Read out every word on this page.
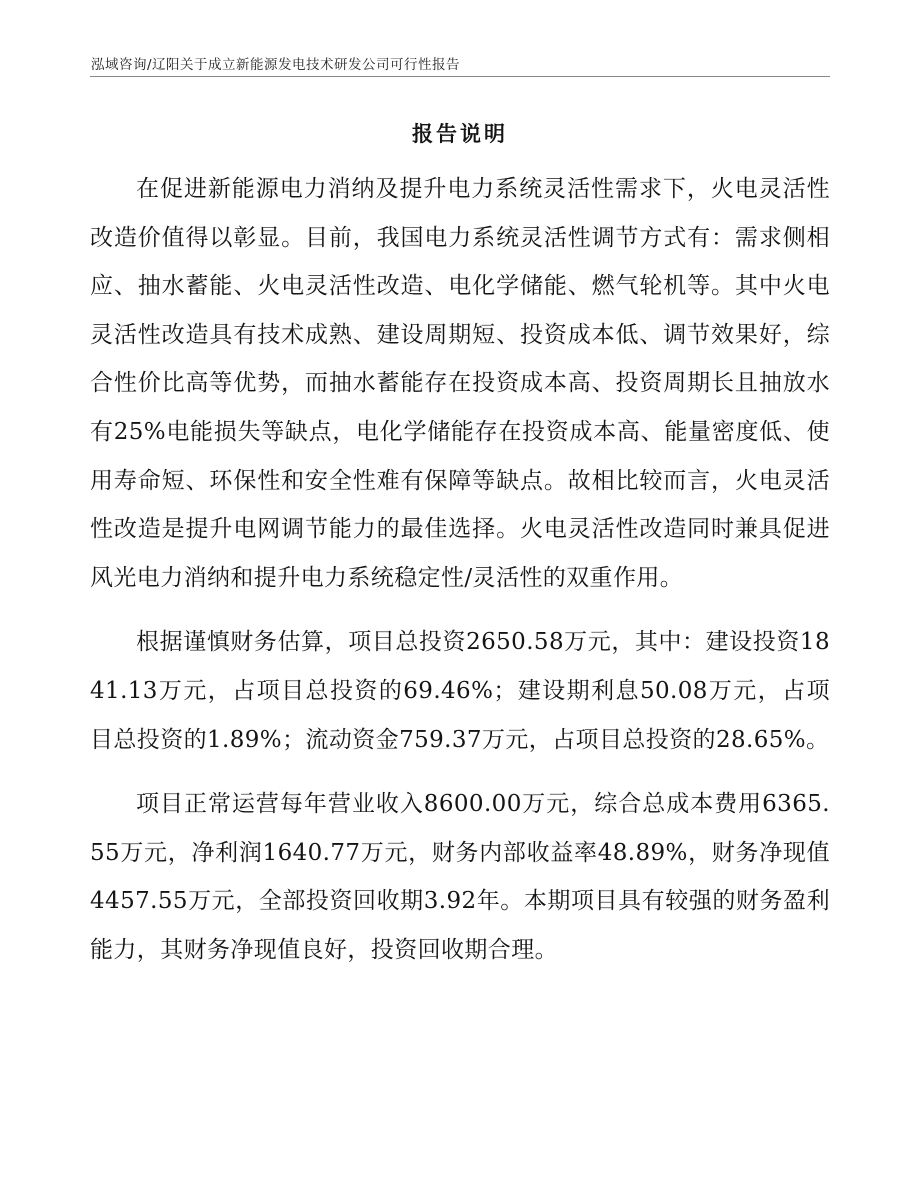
泓域咨询/辽阳关于成立新能源发电技术研发公司可行性报告
报告说明

在促进新能源电力消纳及提升电力系统灵活性需求下，火电灵活性改造价值得以彰显。目前，我国电力系统灵活性调节方式有：需求侧相应、抽水蓄能、火电灵活性改造、电化学储能、燃气轮机等。其中火电灵活性改造具有技术成熟、建设周期短、投资成本低、调节效果好，综合性价比高等优势，而抽水蓄能存在投资成本高、投资周期长且抽放水有25%电能损失等缺点，电化学储能存在投资成本高、能量密度低、使用寿命短、环保性和安全性难有保障等缺点。故相比较而言，火电灵活性改造是提升电网调节能力的最佳选择。火电灵活性改造同时兼具促进风光电力消纳和提升电力系统稳定性/灵活性的双重作用。

根据谨慎财务估算，项目总投资2650.58万元，其中：建设投资1841.13万元，占项目总投资的69.46%；建设期利息50.08万元，占项目总投资的1.89%；流动资金759.37万元，占项目总投资的28.65%。

项目正常运营每年营业收入8600.00万元，综合总成本费用6365.55万元，净利润1640.77万元，财务内部收益率48.89%，财务净现值4457.55万元，全部投资回收期3.92年。本期项目具有较强的财务盈利能力，其财务净现值良好，投资回收期合理。
